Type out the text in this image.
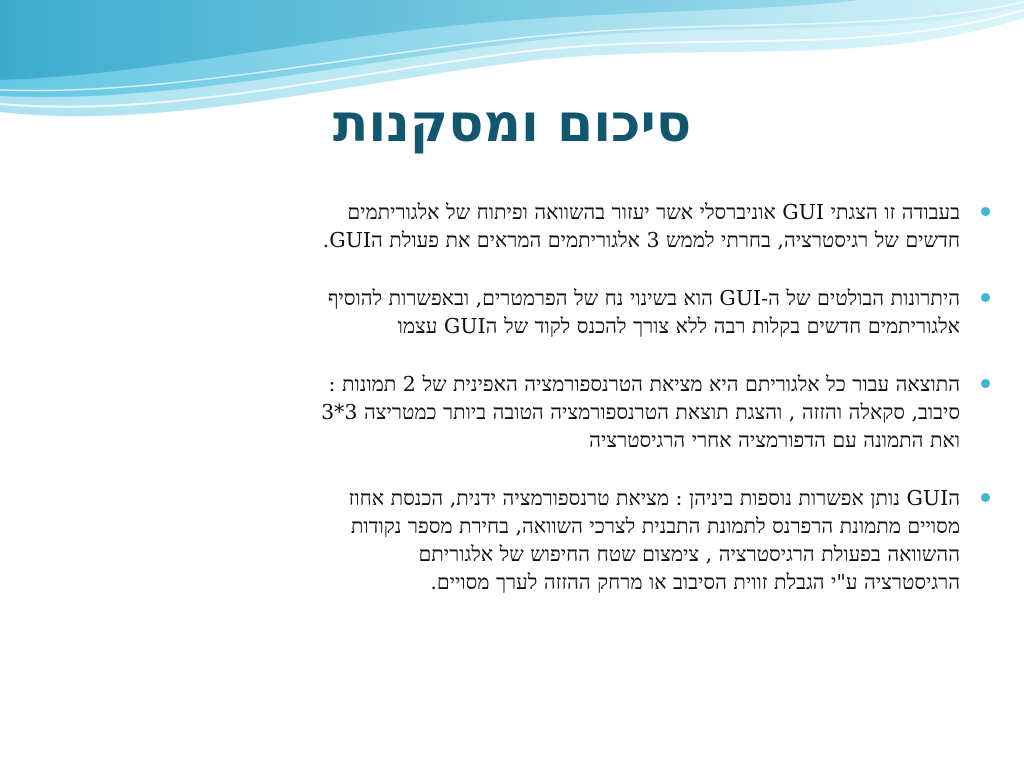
סיכום ומסקנות
בעבודה זו הצגתי GUI אוניברסלי אשר יעזור בהשוואה ופיתוח של אלגוריתמים
חדשים של רגיסטרציה, בחרתי לממש 3 אלגוריתמים המראים את פעולת הGUI.
היתרונות הבולטים של ה-GUI הוא בשינוי נח של הפרמטרים, ובאפשרות להוסיף
אלגוריתמים חדשים בקלות רבה ללא צורך להכנס לקוד של הGUI עצמו
התוצאה עבור כל אלגוריתם היא מציאת הטרנספורמציה האפינית של 2 תמונות :
סיבוב, סקאלה והזזה , והצגת תוצאת הטרנספורמציה הטובה ביותר כמטריצה 3*3
ואת התמונה עם הדפורמציה אחרי הרגיסטרציה
הGUI נותן אפשרות נוספות ביניהן : מציאת טרנספורמציה ידנית, הכנסת אחוז
מסויים מתמונת הרפרנס לתמונת התבנית לצרכי השוואה, בחירת מספר נקודות
ההשוואה בפעולת הרגיסטרציה , צימצום שטח החיפוש של אלגוריתם
הרגיסטרציה ע"י הגבלת זווית הסיבוב או מרחק ההזזה לערך מסויים.
